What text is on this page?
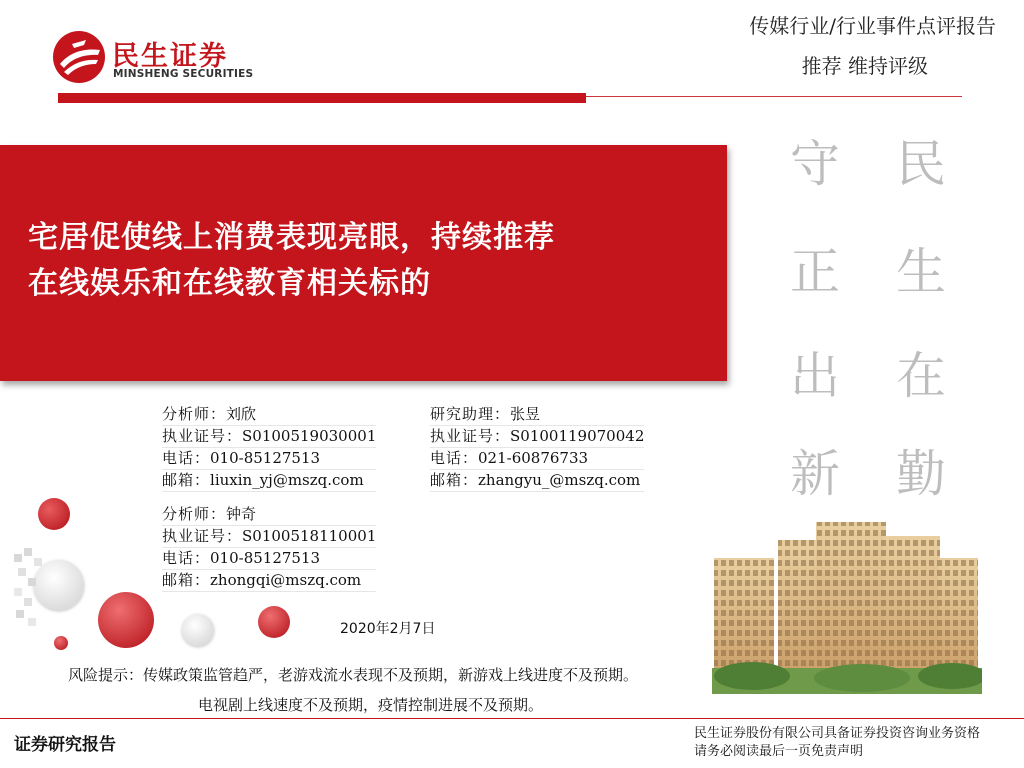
民生证券
MINSHENG SECURITIES
传媒行业/行业事件点评报告
推荐 维持评级
宅居促使线上消费表现亮眼，持续推荐
在线娱乐和在线教育相关标的
守
正
出
新
民
生
在
勤
分析师：刘欣
执业证号：S0100519030001
电话：010-85127513
邮箱：liuxin_yj@mszq.com
研究助理：张昱
执业证号：S0100119070042
电话：021-60876733
邮箱：zhangyu_@mszq.com
分析师：钟奇
执业证号：S0100518110001
电话：010-85127513
邮箱：zhongqi@mszq.com
2020年2月7日
风险提示：传媒政策监管趋严，老游戏流水表现不及预期，新游戏上线进度不及预期。
电视剧上线速度不及预期，疫情控制进展不及预期。
证券研究报告
民生证券股份有限公司具备证券投资咨询业务资格
请务必阅读最后一页免责声明
